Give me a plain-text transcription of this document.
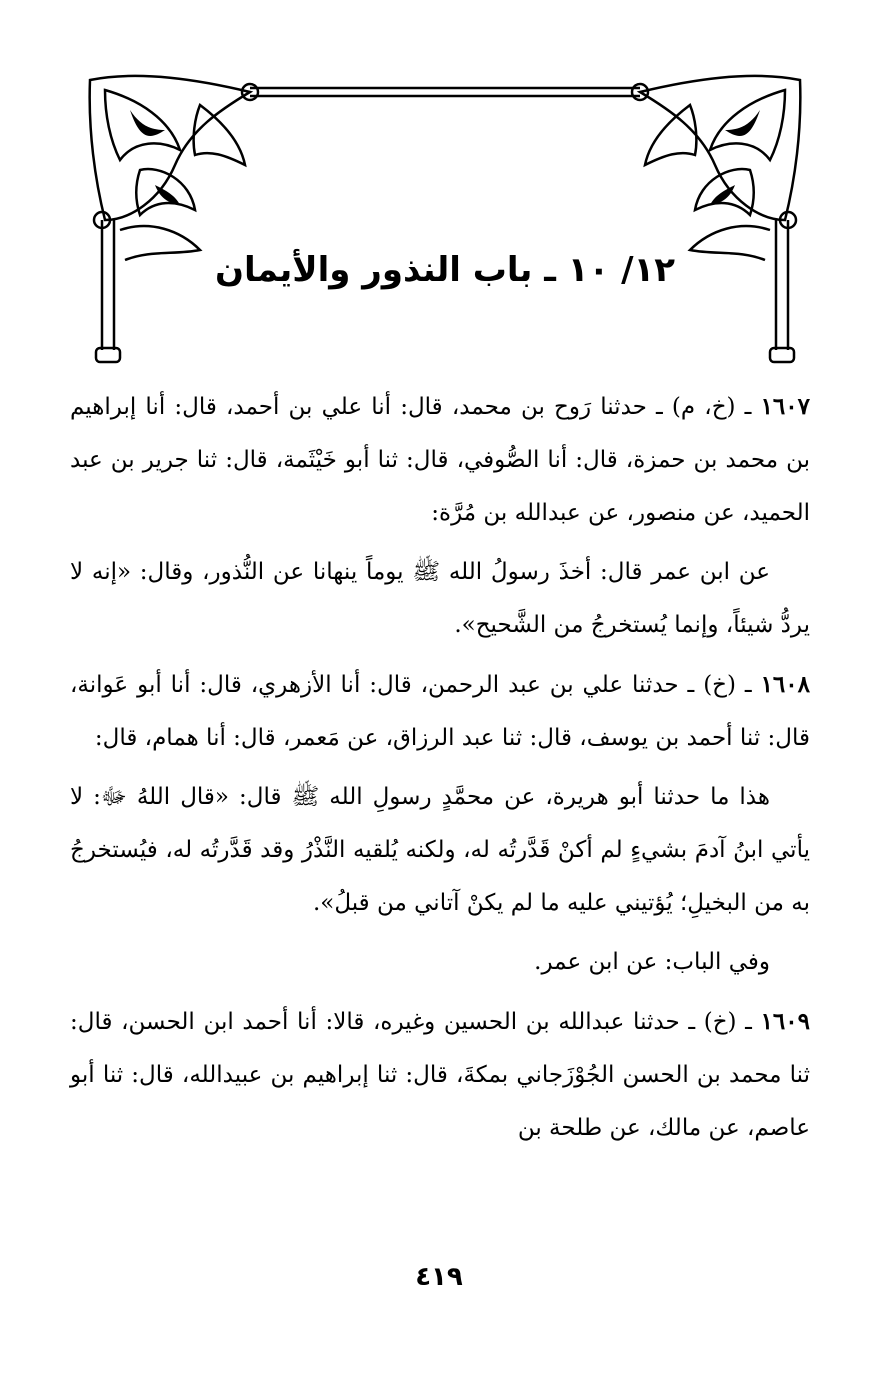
١٢/ ١٠ ـ باب النذور والأيمان

١٦٠٧ ـ (خ، م) ـ حدثنا رَوح بن محمد، قال: أنا علي بن أحمد، قال: أنا إبراهيم بن محمد بن حمزة، قال: أنا الصُّوفي، قال: ثنا أبو خَيْثَمة، قال: ثنا جرير بن عبد الحميد، عن منصور، عن عبدالله بن مُرَّة:

عن ابن عمر قال: أخذَ رسولُ الله ﷺ يوماً ينهانا عن النُّذور، وقال: «إنه لا يردُّ شيئاً، وإنما يُستخرجُ من الشَّحيح».

١٦٠٨ ـ (خ) ـ حدثنا علي بن عبد الرحمن، قال: أنا الأزهري، قال: أنا أبو عَوانة، قال: ثنا أحمد بن يوسف، قال: ثنا عبد الرزاق، عن مَعمر، قال: أنا همام، قال:

هذا ما حدثنا أبو هريرة، عن محمَّدٍ رسولِ الله ﷺ قال: «قال اللهُ ﷻ: لا يأتي ابنُ آدمَ بشيءٍ لم أكنْ قَدَّرتُه له، ولكنه يُلقيه النَّذْرُ وقد قَدَّرتُه له، فيُستخرجُ به من البخيلِ؛ يُؤتيني عليه ما لم يكنْ آتاني من قبلُ».

وفي الباب: عن ابن عمر.

١٦٠٩ ـ (خ) ـ حدثنا عبدالله بن الحسين وغيره، قالا: أنا أحمد ابن الحسن، قال: ثنا محمد بن الحسن الجُوْزَجاني بمكةَ، قال: ثنا إبراهيم بن عبيدالله، قال: ثنا أبو عاصم، عن مالك، عن طلحة بن

٤١٩
